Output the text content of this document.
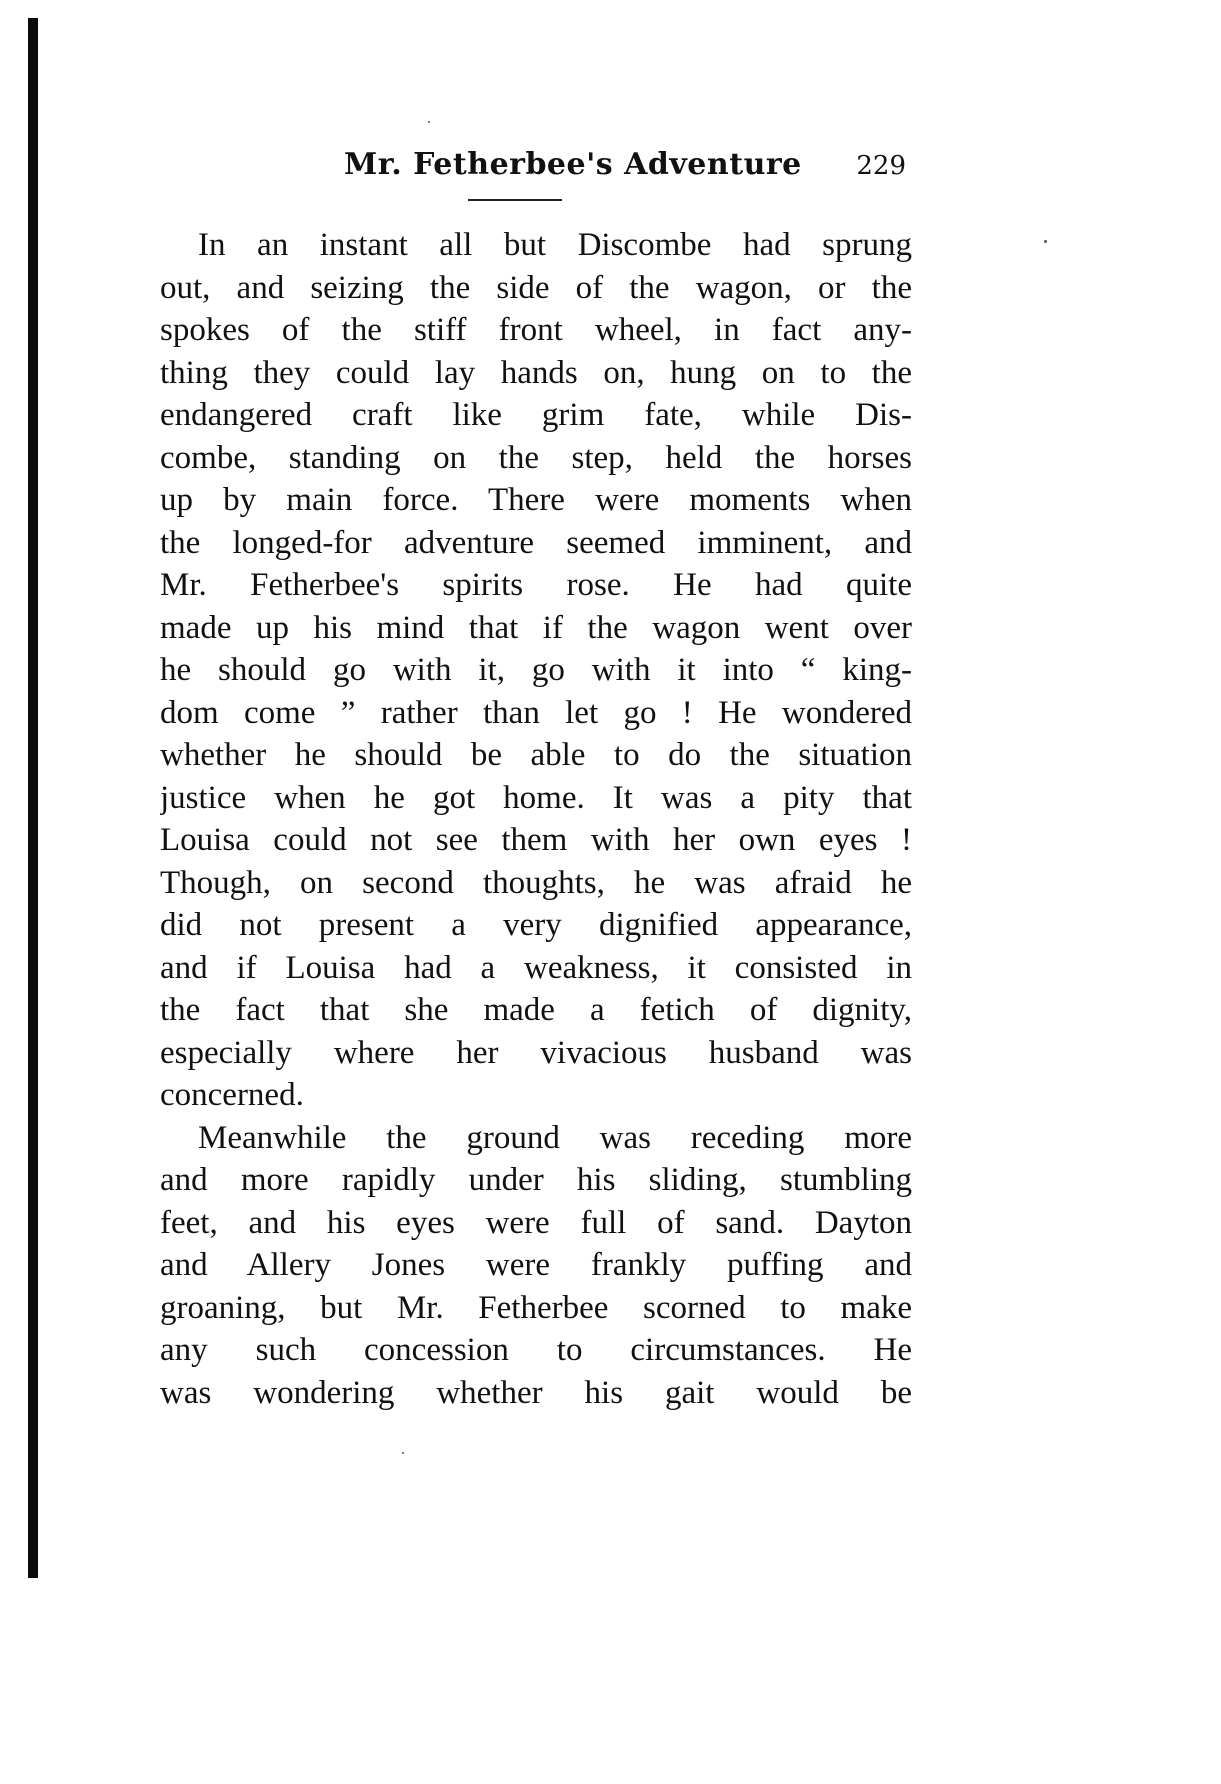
Mr. Fetherbee's Adventure 229
In an instant all but Discombe had sprung
out, and seizing the side of the wagon, or the
spokes of the stiff front wheel, in fact any-
thing they could lay hands on, hung on to the
endangered craft like grim fate, while Dis-
combe, standing on the step, held the horses
up by main force. There were moments when
the longed-for adventure seemed imminent, and
Mr. Fetherbee's spirits rose. He had quite
made up his mind that if the wagon went over
he should go with it, go with it into “ king-
dom come ” rather than let go ! He wondered
whether he should be able to do the situation
justice when he got home. It was a pity that
Louisa could not see them with her own eyes !
Though, on second thoughts, he was afraid he
did not present a very dignified appearance,
and if Louisa had a weakness, it consisted in
the fact that she made a fetich of dignity,
especially where her vivacious husband was
concerned.
Meanwhile the ground was receding more
and more rapidly under his sliding, stumbling
feet, and his eyes were full of sand. Dayton
and Allery Jones were frankly puffing and
groaning, but Mr. Fetherbee scorned to make
any such concession to circumstances. He
was wondering whether his gait would be
